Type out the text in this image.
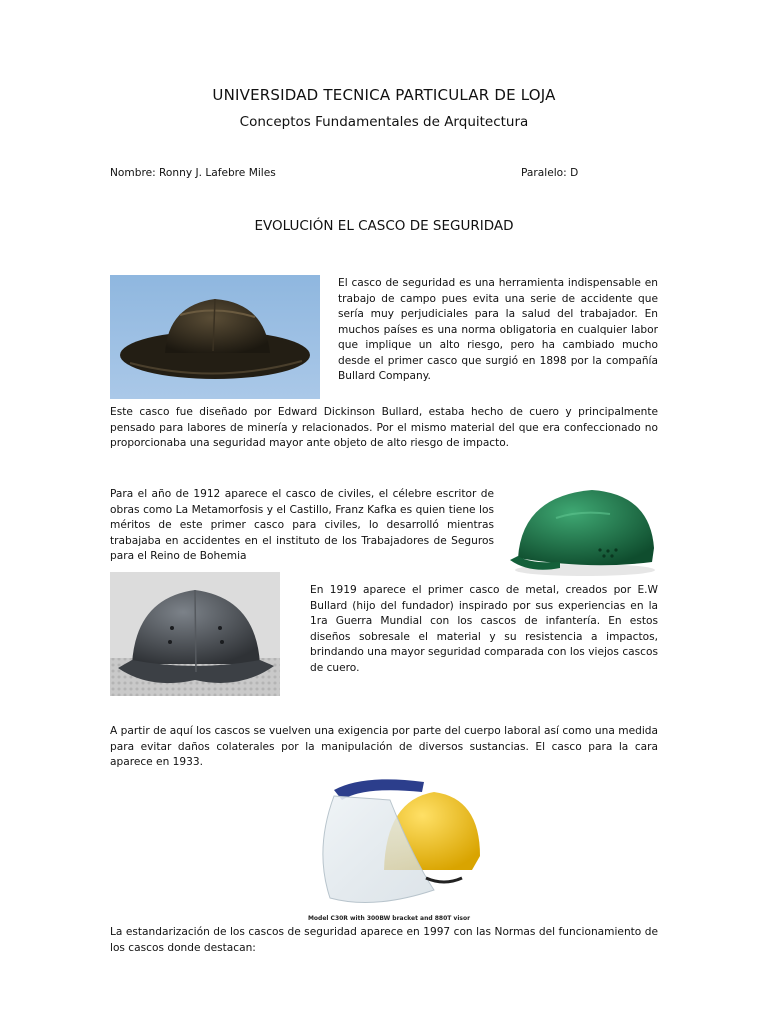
UNIVERSIDAD TECNICA PARTICULAR DE LOJA
Conceptos Fundamentales de Arquitectura
Nombre: Ronny J. Lafebre Miles	Paralelo: D
EVOLUCIÓN EL CASCO DE SEGURIDAD
El casco de seguridad es una herramienta indispensable en trabajo de campo pues evita una serie de accidente que sería muy perjudiciales para la salud del trabajador. En muchos países es una norma obligatoria en cualquier labor que implique un alto riesgo, pero ha cambiado mucho desde el primer casco que surgió en 1898 por la compañía Bullard Company.
Este casco fue diseñado por Edward Dickinson Bullard, estaba hecho de cuero y principalmente pensado para labores de minería y relacionados. Por el mismo material del que era confeccionado no proporcionaba una seguridad mayor ante objeto de alto riesgo de impacto.
Para el año de 1912 aparece el casco de civiles, el célebre escritor de obras como La Metamorfosis y el Castillo, Franz Kafka es quien tiene los méritos de este primer casco para civiles, lo desarrolló mientras trabajaba en accidentes en el instituto de los Trabajadores de Seguros para el Reino de Bohemia
En 1919 aparece el primer casco de metal, creados por E.W Bullard (hijo del fundador) inspirado por sus experiencias en la 1ra Guerra Mundial con los cascos de infantería. En estos diseños sobresale el material y su resistencia a impactos, brindando una mayor seguridad comparada con los viejos cascos de cuero.
A partir de aquí los cascos se vuelven una exigencia por parte del cuerpo laboral así como una medida para evitar daños colaterales por la manipulación de diversos sustancias. El casco para la cara aparece en 1933.
Model C30R with 300BW bracket and 880T visor
La estandarización de los cascos de seguridad aparece en 1997 con las Normas del funcionamiento de los cascos donde destacan:
